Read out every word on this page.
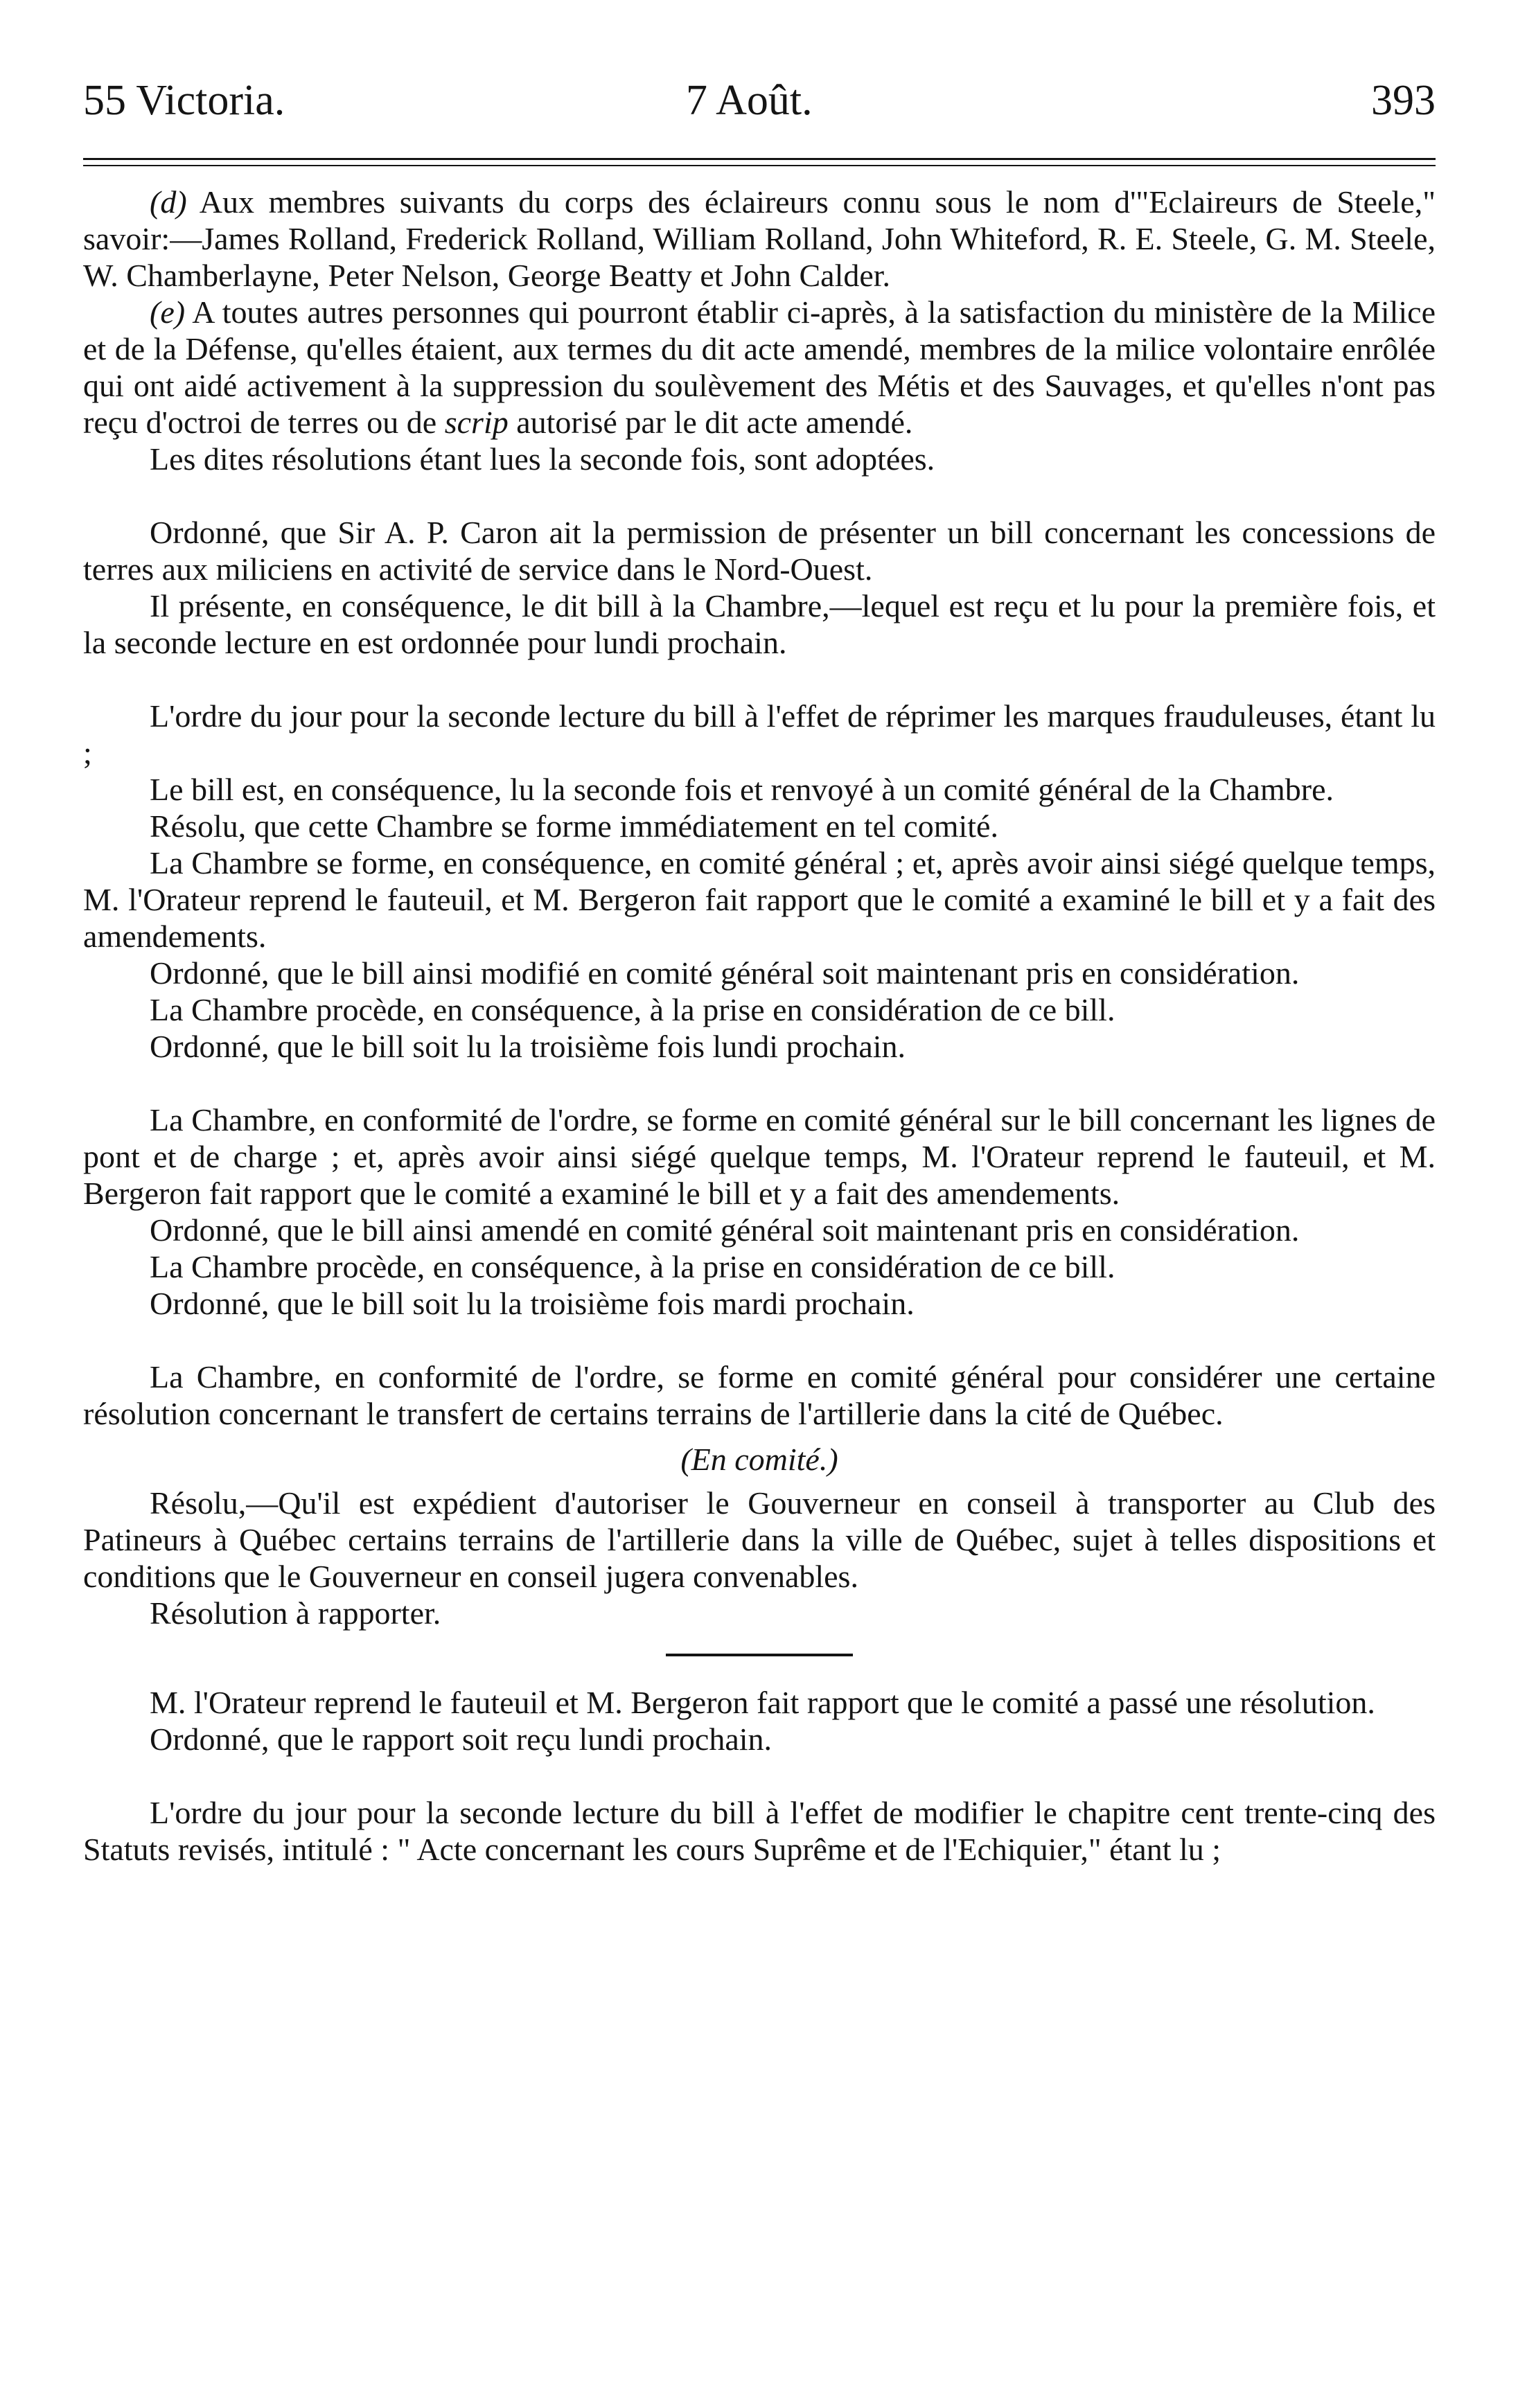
55 Victoria.	7 Août.	393

(d) Aux membres suivants du corps des éclaireurs connu sous le nom d'"Eclaireurs de Steele," savoir:—James Rolland, Frederick Rolland, William Rolland, John Whiteford, R. E. Steele, G. M. Steele, W. Chamberlayne, Peter Nelson, George Beatty et John Calder.

(e) A toutes autres personnes qui pourront établir ci-après, à la satisfaction du ministère de la Milice et de la Défense, qu'elles étaient, aux termes du dit acte amendé, membres de la milice volontaire enrôlée qui ont aidé activement à la suppression du soulèvement des Métis et des Sauvages, et qu'elles n'ont pas reçu d'octroi de terres ou de scrip autorisé par le dit acte amendé.

Les dites résolutions étant lues la seconde fois, sont adoptées.

Ordonné, que Sir A. P. Caron ait la permission de présenter un bill concernant les concessions de terres aux miliciens en activité de service dans le Nord-Ouest.

Il présente, en conséquence, le dit bill à la Chambre,—lequel est reçu et lu pour la première fois, et la seconde lecture en est ordonnée pour lundi prochain.

L'ordre du jour pour la seconde lecture du bill à l'effet de réprimer les marques frauduleuses, étant lu ;

Le bill est, en conséquence, lu la seconde fois et renvoyé à un comité général de la Chambre.

Résolu, que cette Chambre se forme immédiatement en tel comité.

La Chambre se forme, en conséquence, en comité général ; et, après avoir ainsi siégé quelque temps, M. l'Orateur reprend le fauteuil, et M. Bergeron fait rapport que le comité a examiné le bill et y a fait des amendements.

Ordonné, que le bill ainsi modifié en comité général soit maintenant pris en considération.

La Chambre procède, en conséquence, à la prise en considération de ce bill.

Ordonné, que le bill soit lu la troisième fois lundi prochain.

La Chambre, en conformité de l'ordre, se forme en comité général sur le bill concernant les lignes de pont et de charge ; et, après avoir ainsi siégé quelque temps, M. l'Orateur reprend le fauteuil, et M. Bergeron fait rapport que le comité a examiné le bill et y a fait des amendements.

Ordonné, que le bill ainsi amendé en comité général soit maintenant pris en considération.

La Chambre procède, en conséquence, à la prise en considération de ce bill.

Ordonné, que le bill soit lu la troisième fois mardi prochain.

La Chambre, en conformité de l'ordre, se forme en comité général pour considérer une certaine résolution concernant le transfert de certains terrains de l'artillerie dans la cité de Québec.

(En comité.)

Résolu,—Qu'il est expédient d'autoriser le Gouverneur en conseil à transporter au Club des Patineurs à Québec certains terrains de l'artillerie dans la ville de Québec, sujet à telles dispositions et conditions que le Gouverneur en conseil jugera convenables.

Résolution à rapporter.

M. l'Orateur reprend le fauteuil et M. Bergeron fait rapport que le comité a passé une résolution.

Ordonné, que le rapport soit reçu lundi prochain.

L'ordre du jour pour la seconde lecture du bill à l'effet de modifier le chapitre cent trente-cinq des Statuts revisés, intitulé : " Acte concernant les cours Suprême et de l'Echiquier," étant lu ;
